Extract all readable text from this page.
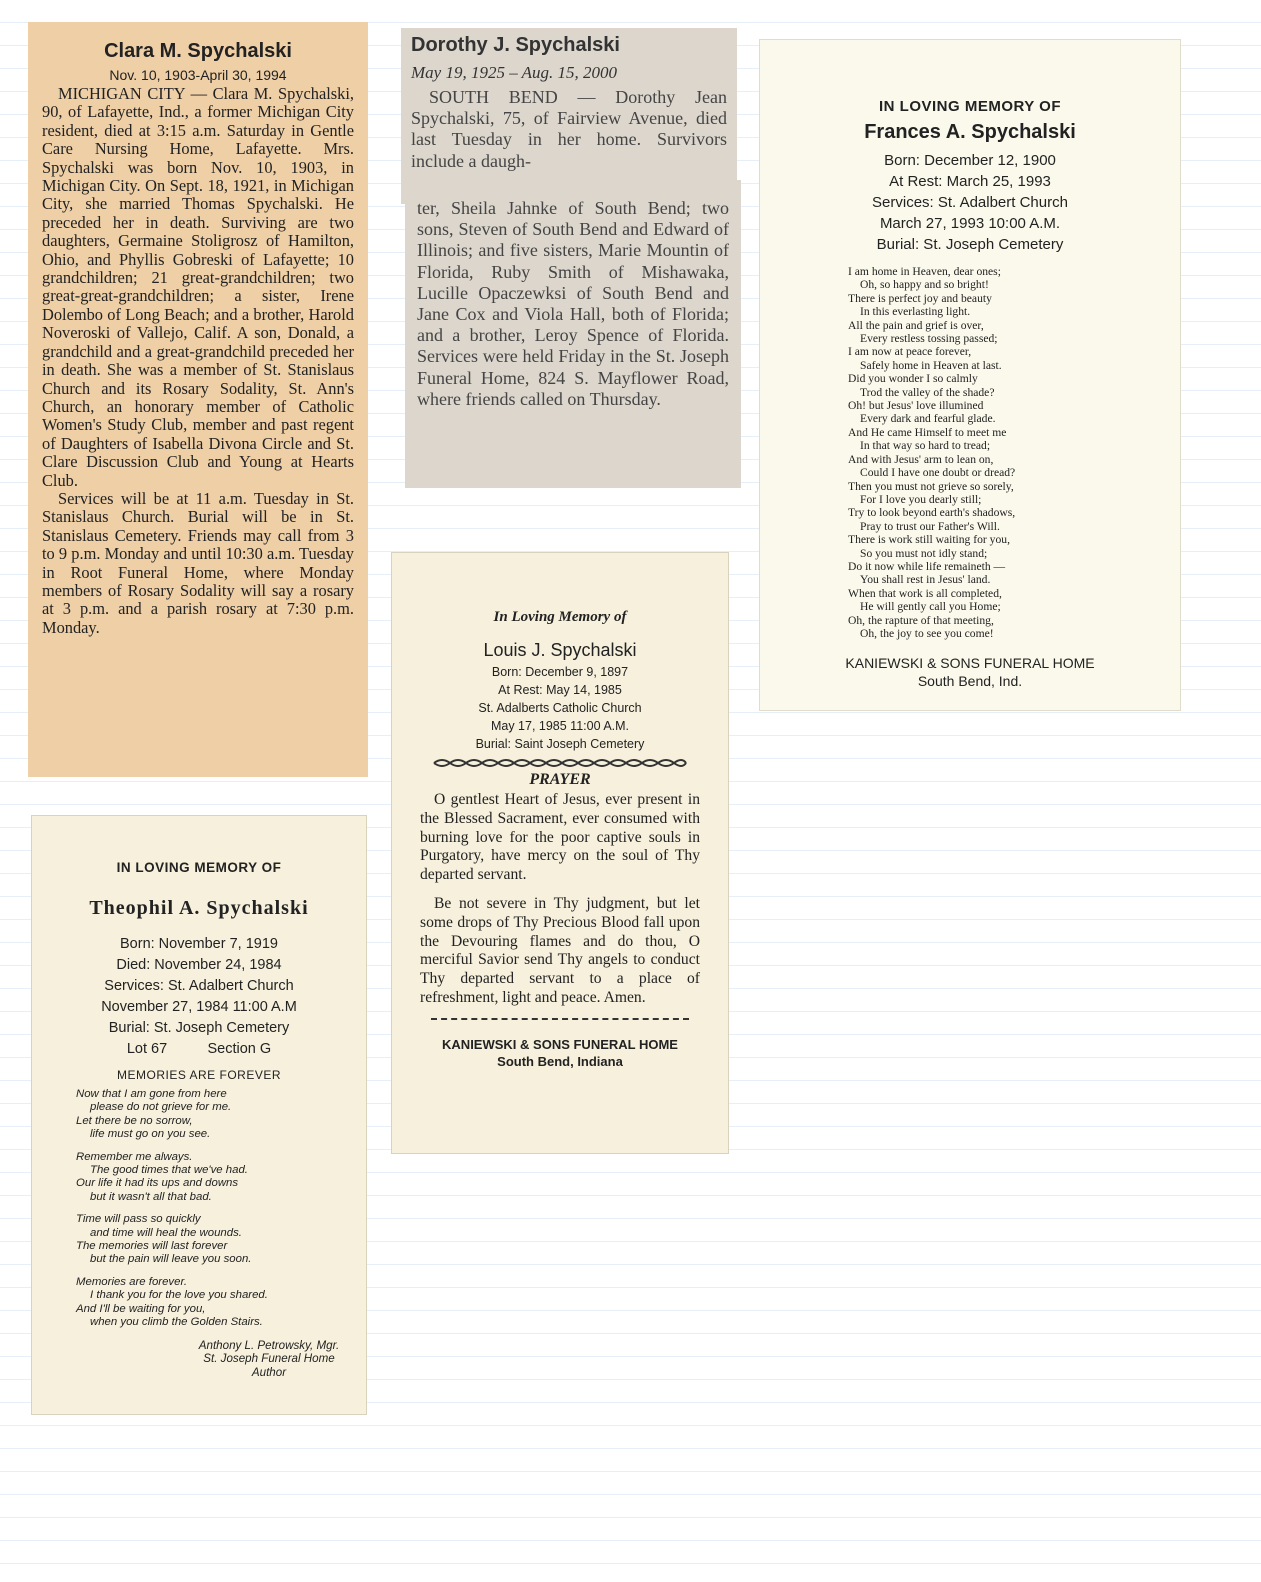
Clara M. Spychalski
Nov. 10, 1903-April 30, 1994

MICHIGAN CITY — Clara M. Spychalski, 90, of Lafayette, Ind., a former Michigan City resident, died at 3:15 a.m. Saturday in Gentle Care Nursing Home, Lafayette. Mrs. Spychalski was born Nov. 10, 1903, in Michigan City. On Sept. 18, 1921, in Michigan City, she married Thomas Spychalski. He preceded her in death. Surviving are two daughters, Germaine Stoligrosz of Hamilton, Ohio, and Phyllis Gobreski of Lafayette; 10 grandchildren; 21 great-grandchildren; two great-great-grandchildren; a sister, Irene Dolembo of Long Beach; and a brother, Harold Noveroski of Vallejo, Calif. A son, Donald, a grandchild and a great-grandchild preceded her in death. She was a member of St. Stanislaus Church and its Rosary Sodality, St. Ann's Church, an honorary member of Catholic Women's Study Club, member and past regent of Daughters of Isabella Divona Circle and St. Clare Discussion Club and Young at Hearts Club.

Services will be at 11 a.m. Tuesday in St. Stanislaus Church. Burial will be in St. Stanislaus Cemetery. Friends may call from 3 to 9 p.m. Monday and until 10:30 a.m. Tuesday in Root Funeral Home, where Monday members of Rosary Sodality will say a rosary at 3 p.m. and a parish rosary at 7:30 p.m. Monday.

Dorothy J. Spychalski
May 19, 1925 – Aug. 15, 2000

SOUTH BEND — Dorothy Jean Spychalski, 75, of Fairview Avenue, died last Tuesday in her home. Survivors include a daugh-

ter, Sheila Jahnke of South Bend; two sons, Steven of South Bend and Edward of Illinois; and five sisters, Marie Mountin of Florida, Ruby Smith of Mishawaka, Lucille Opaczewksi of South Bend and Jane Cox and Viola Hall, both of Florida; and a brother, Leroy Spence of Florida. Services were held Friday in the St. Joseph Funeral Home, 824 S. Mayflower Road, where friends called on Thursday.

IN LOVING MEMORY OF
Frances A. Spychalski
Born: December 12, 1900
At Rest: March 25, 1993
Services: St. Adalbert Church
March 27, 1993 10:00 A.M.
Burial: St. Joseph Cemetery
I am home in Heaven, dear ones;
Oh, so happy and so bright!
There is perfect joy and beauty
In this everlasting light.
All the pain and grief is over,
Every restless tossing passed;
I am now at peace forever,
Safely home in Heaven at last.
Did you wonder I so calmly
Trod the valley of the shade?
Oh! but Jesus' love illumined
Every dark and fearful glade.
And He came Himself to meet me
In that way so hard to tread;
And with Jesus' arm to lean on,
Could I have one doubt or dread?
Then you must not grieve so sorely,
For I love you dearly still;
Try to look beyond earth's shadows,
Pray to trust our Father's Will.
There is work still waiting for you,
So you must not idly stand;
Do it now while life remaineth —
You shall rest in Jesus' land.
When that work is all completed,
He will gently call you Home;
Oh, the rapture of that meeting,
Oh, the joy to see you come!
KANIEWSKI & SONS FUNERAL HOME
South Bend, Ind.
In Loving Memory of
Louis J. Spychalski
Born: December 9, 1897
At Rest: May 14, 1985
St. Adalberts Catholic Church
May 17, 1985 11:00 A.M.
Burial: Saint Joseph Cemetery
PRAYER

O gentlest Heart of Jesus, ever present in the Blessed Sacrament, ever consumed with burning love for the poor captive souls in Purgatory, have mercy on the soul of Thy departed servant.

Be not severe in Thy judgment, but let some drops of Thy Precious Blood fall upon the Devouring flames and do thou, O merciful Savior send Thy angels to conduct Thy departed servant to a place of refreshment, light and peace. Amen.

KANIEWSKI & SONS FUNERAL HOME
South Bend, Indiana
IN LOVING MEMORY OF
Theophil A. Spychalski
Born: November 7, 1919
Died: November 24, 1984
Services: St. Adalbert Church
November 27, 1984 11:00 A.M
Burial: St. Joseph Cemetery
Lot 67          Section G
MEMORIES ARE FOREVER
Now that I am gone from here
please do not grieve for me.
Let there be no sorrow,
life must go on you see.
Remember me always.
The good times that we've had.
Our life it had its ups and downs
but it wasn't all that bad.
Time will pass so quickly
and time will heal the wounds.
The memories will last forever
but the pain will leave you soon.
Memories are forever.
I thank you for the love you shared.
And I'll be waiting for you,
when you climb the Golden Stairs.
Anthony L. Petrowsky, Mgr.
St. Joseph Funeral Home
Author
